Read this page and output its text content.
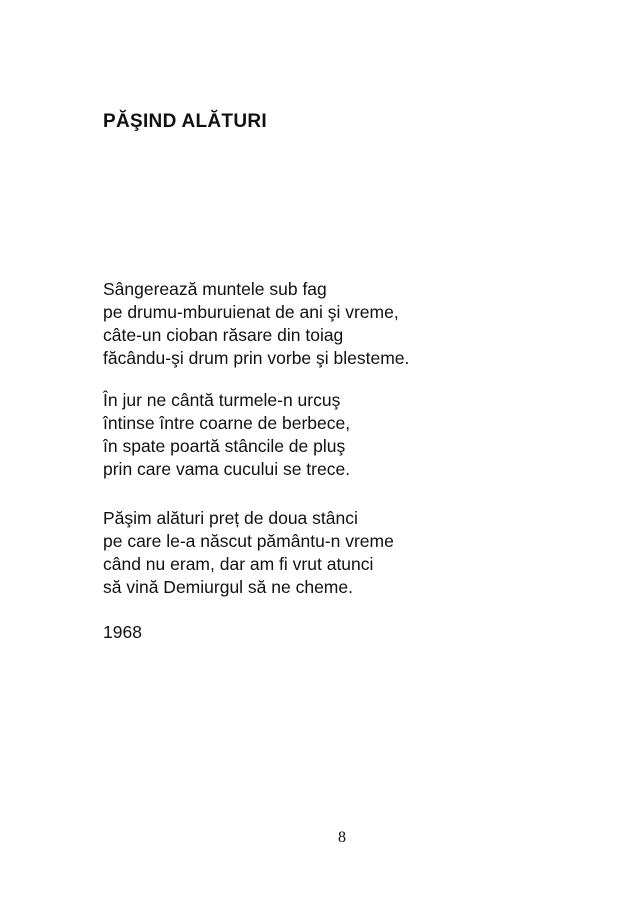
PĂŞIND ALĂTURI
Sângerează muntele sub fag
pe drumu-mburuienat de ani şi vreme,
câte-un cioban răsare din toiag
făcându-şi drum prin vorbe şi blesteme.
În jur ne cântă turmele-n urcuş
întinse între coarne de berbece,
în spate poartă stâncile de pluş
prin care vama cucului se trece.
Păşim alături preț de doua stânci
pe care le-a născut pământu-n vreme
când nu eram, dar am fi vrut atunci
să vină Demiurgul să ne cheme.

1968

8
